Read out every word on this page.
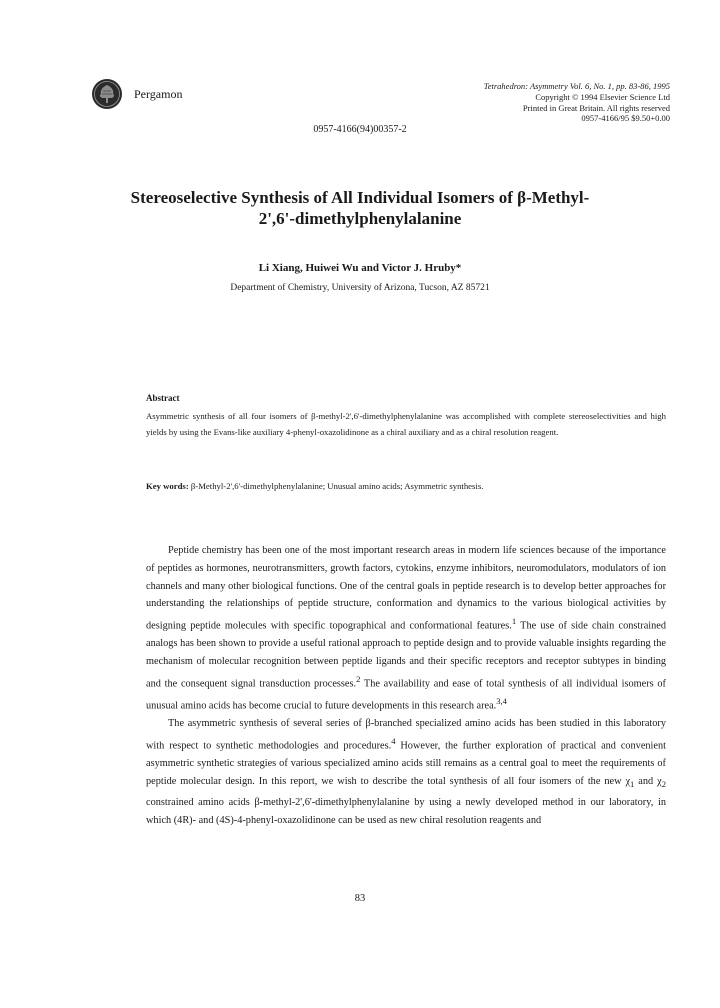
Pergamon
Tetrahedron: Asymmetry Vol. 6, No. 1, pp. 83-86, 1995
Copyright © 1994 Elsevier Science Ltd
Printed in Great Britain. All rights reserved
0957-4166/95 $9.50+0.00
0957-4166(94)00357-2
Stereoselective Synthesis of All Individual Isomers of β-Methyl-
2',6'-dimethylphenylalanine
Li Xiang, Huiwei Wu and Victor J. Hruby*
Department of Chemistry, University of Arizona, Tucson, AZ 85721
Abstract
Asymmetric synthesis of all four isomers of β-methyl-2',6'-dimethylphenylalanine was accomplished with complete stereoselectivities and high yields by using the Evans-like auxiliary 4-phenyl-oxazolidinone as a chiral auxiliary and as a chiral resolution reagent.
Key words: β-Methyl-2',6'-dimethylphenylalanine; Unusual amino acids; Asymmetric synthesis.

Peptide chemistry has been one of the most important research areas in modern life sciences because of the importance of peptides as hormones, neurotransmitters, growth factors, cytokins, enzyme inhibitors, neuromodulators, modulators of ion channels and many other biological functions. One of the central goals in peptide research is to develop better approaches for understanding the relationships of peptide structure, conformation and dynamics to the various biological activities by designing peptide molecules with specific topographical and conformational features.$^1$ The use of side chain constrained analogs has been shown to provide a useful rational approach to peptide design and to provide valuable insights regarding the mechanism of molecular recognition between peptide ligands and their specific receptors and receptor subtypes in binding and the consequent signal transduction processes.$^2$ The availability and ease of total synthesis of all individual isomers of unusual amino acids has become crucial to future developments in this research area.$^{3,4}$

The asymmetric synthesis of several series of β-branched specialized amino acids has been studied in this laboratory with respect to synthetic methodologies and procedures.$^4$ However, the further exploration of practical and convenient asymmetric synthetic strategies of various specialized amino acids still remains as a central goal to meet the requirements of peptide molecular design. In this report, we wish to describe the total synthesis of all four isomers of the new $\chi_1$ and $\chi_2$ constrained amino acids β-methyl-2',6'-dimethylphenylalanine by using a newly developed method in our laboratory, in which (4R)- and (4S)-4-phenyl-oxazolidinone can be used as new chiral resolution reagents and

83
